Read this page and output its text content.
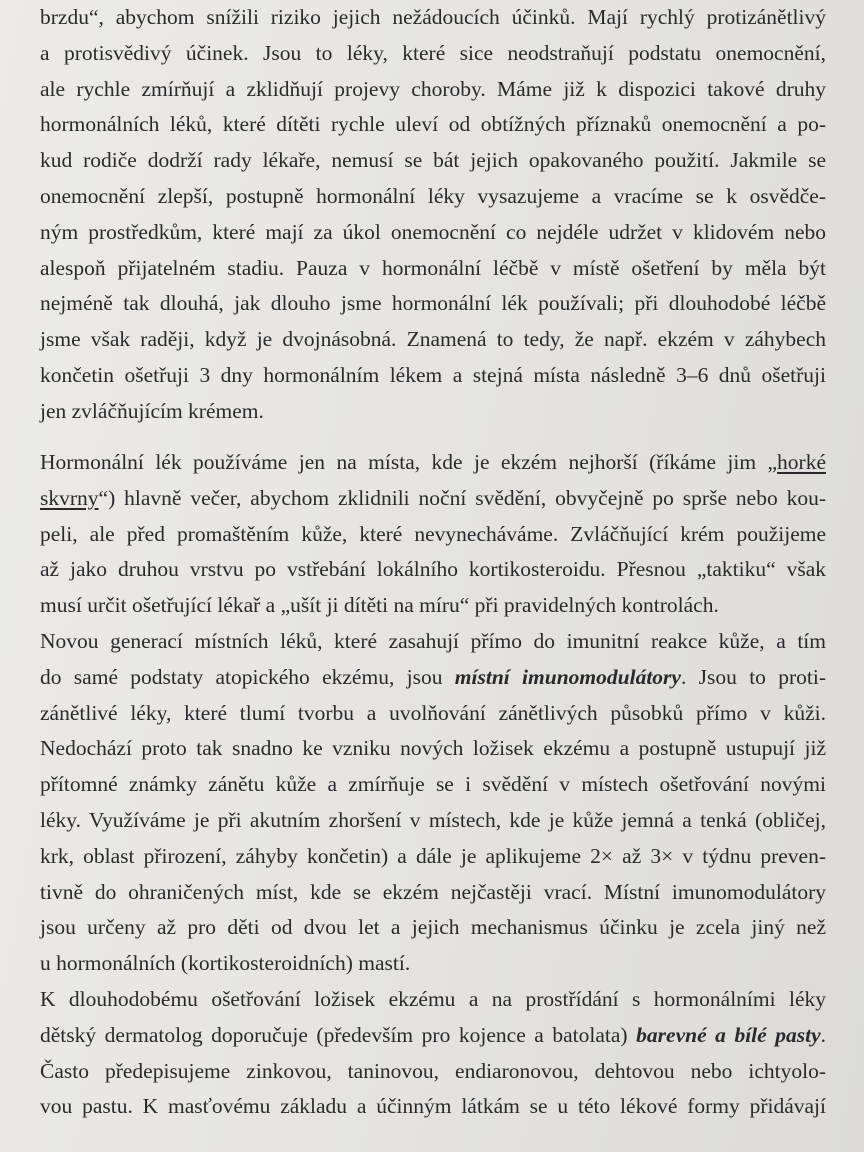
brzdu“, abychom snížili riziko jejich nežádoucích účinků. Mají rychlý protizánětlivý
a protisvědivý účinek. Jsou to léky, které sice neodstraňují podstatu onemocnění,
ale rychle zmírňují a zklidňují projevy choroby. Máme již k dispozici takové druhy
hormonálních léků, které dítěti rychle uleví od obtížných příznaků onemocnění a po-
kud rodiče dodrží rady lékaře, nemusí se bát jejich opakovaného použití. Jakmile se
onemocnění zlepší, postupně hormonální léky vysazujeme a vracíme se k osvědče-
ným prostředkům, které mají za úkol onemocnění co nejdéle udržet v klidovém nebo
alespoň přijatelném stadiu. Pauza v hormonální léčbě v místě ošetření by měla být
nejméně tak dlouhá, jak dlouho jsme hormonální lék používali; při dlouhodobé léčbě
jsme však raději, když je dvojnásobná. Znamená to tedy, že např. ekzém v záhybech
končetin ošetřuji 3 dny hormonálním lékem a stejná místa následně 3–6 dnů ošetřuji
jen zvláčňujícím krémem.

Hormonální lék používáme jen na místa, kde je ekzém nejhorší (říkáme jim „horké
skvrny“) hlavně večer, abychom zklidnili noční svědění, obvyčejně po sprše nebo kou-
peli, ale před promaštěním kůže, které nevynecháváme. Zvláčňující krém použijeme
až jako druhou vrstvu po vstřebání lokálního kortikosteroidu. Přesnou „taktiku“ však
musí určit ošetřující lékař a „ušít ji dítěti na míru“ při pravidelných kontrolách.

Novou generací místních léků, které zasahují přímo do imunitní reakce kůže, a tím
do samé podstaty atopického ekzému, jsou místní imunomodulátory. Jsou to proti-
zánětlivé léky, které tlumí tvorbu a uvolňování zánětlivých působků přímo v kůži.
Nedochází proto tak snadno ke vzniku nových ložisek ekzému a postupně ustupují již
přítomné známky zánětu kůže a zmírňuje se i svědění v místech ošetřování novými
léky. Využíváme je při akutním zhoršení v místech, kde je kůže jemná a tenká (obličej,
krk, oblast přirození, záhyby končetin) a dále je aplikujeme 2× až 3× v týdnu preven-
tivně do ohraničených míst, kde se ekzém nejčastěji vrací. Místní imunomodulátory
jsou určeny až pro děti od dvou let a jejich mechanismus účinku je zcela jiný než
u hormonálních (kortikosteroidních) mastí.

K dlouhodobému ošetřování ložisek ekzému a na prostřídání s hormonálními léky
dětský dermatolog doporučuje (především pro kojence a batolata) barevné a bílé pasty.
Často předepisujeme zinkovou, taninovou, endiaronovou, dehtovou nebo ichtyolo-
vou pastu. K masťovému základu a účinným látkám se u této lékové formy přidávají
